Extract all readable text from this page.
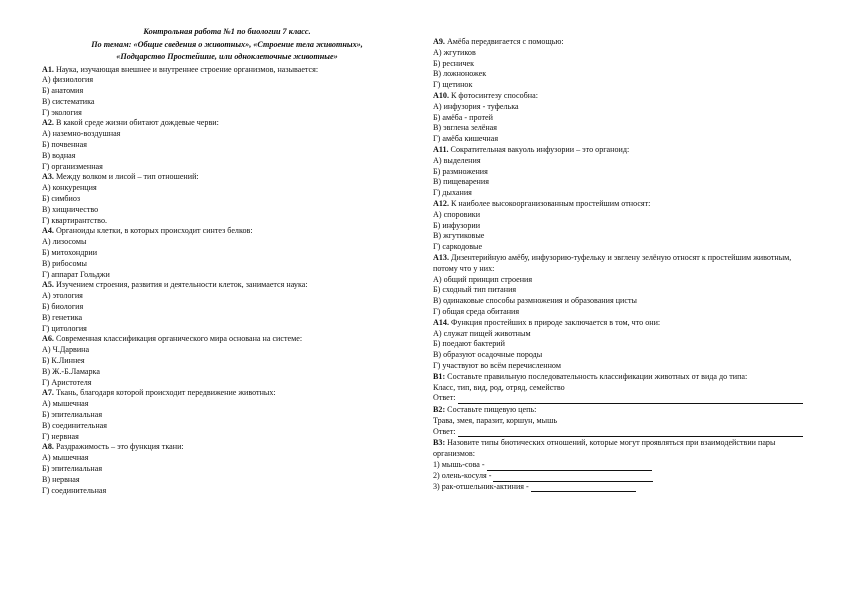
Контрольная работа №1 по биологии 7 класс.
По темам: «Общие сведения о животных», «Строение тела животных»,
«Подцарство Простейшие, или одноклеточные животные»
А1. Наука, изучающая внешнее и внутреннее строение организмов, называется:
А) физиология
Б) анатомия
В) систематика
Г) экология
А2. В какой среде жизни обитают дождевые черви:
А) наземно-воздушная
Б) почвенная
В) водная
Г) организменная
А3. Между волком и лисой – тип отношений:
А) конкуренция
Б) симбиоз
В) хищничество
Г) квартирантство.
А4. Органоиды клетки, в которых происходит синтез белков:
А) лизосомы
Б) митохондрии
В) рибосомы
Г) аппарат Гольджи
А5. Изучением строения, развития и деятельности клеток, занимается наука:
А) этология
Б) биология
В) генетика
Г) цитология
А6. Современная классификация органического мира основана на системе:
А) Ч.Дарвина
Б) К.Линнея
В) Ж.-Б.Ламарка
Г) Аристотеля
А7. Ткань, благодаря которой происходит передвижение животных:
А) мышечная
Б) эпителиальная
В) соединительная
Г) нервная
А8. Раздражимость – это функция ткани:
А) мышечная
Б) эпителиальная
В) нервная
Г) соединительная
А9. Амёба передвигается с помощью:
А) жгутиков
Б) ресничек
В) ложноножек
Г) щетинок
А10. К фотосинтезу способна:
А) инфузория - туфелька
Б) амёба - протей
В) эвглена зелёная
Г) амёба кишечная
А11. Сократительная вакуоль инфузории – это органоид:
А) выделения
Б) размножения
В) пищеварения
Г) дыхания
А12. К наиболее высокоорганизованным простейшим относят:
А) споровики
Б) инфузории
В) жгутиковые
Г) саркодовые
А13. Дизентерийную амёбу, инфузорию-туфельку и эвглену зелёную относят к простейшим животным, потому что у них:
А) общий принцип строения
Б) сходный тип питания
В) одинаковые способы размножения и образования цисты
Г) общая среда обитания
А14. Функция простейших в природе заключается в том, что они:
А) служат пищей животным
Б) поедают бактерий
В) образуют осадочные породы
Г) участвуют во всём перечисленном
В1: Составьте правильную последовательность классификации животных от вида до типа:
Класс, тип, вид, род, отряд, семейство
Ответ:
В2: Составьте пищевую цепь:
Трава, змея, паразит, коршун, мышь
Ответ:
В3: Назовите типы биотических отношений, которые могут проявляться при взаимодействии пары организмов:
1) мышь-сова -
2) олень-косуля -
3) рак-отшельник-актиния -
